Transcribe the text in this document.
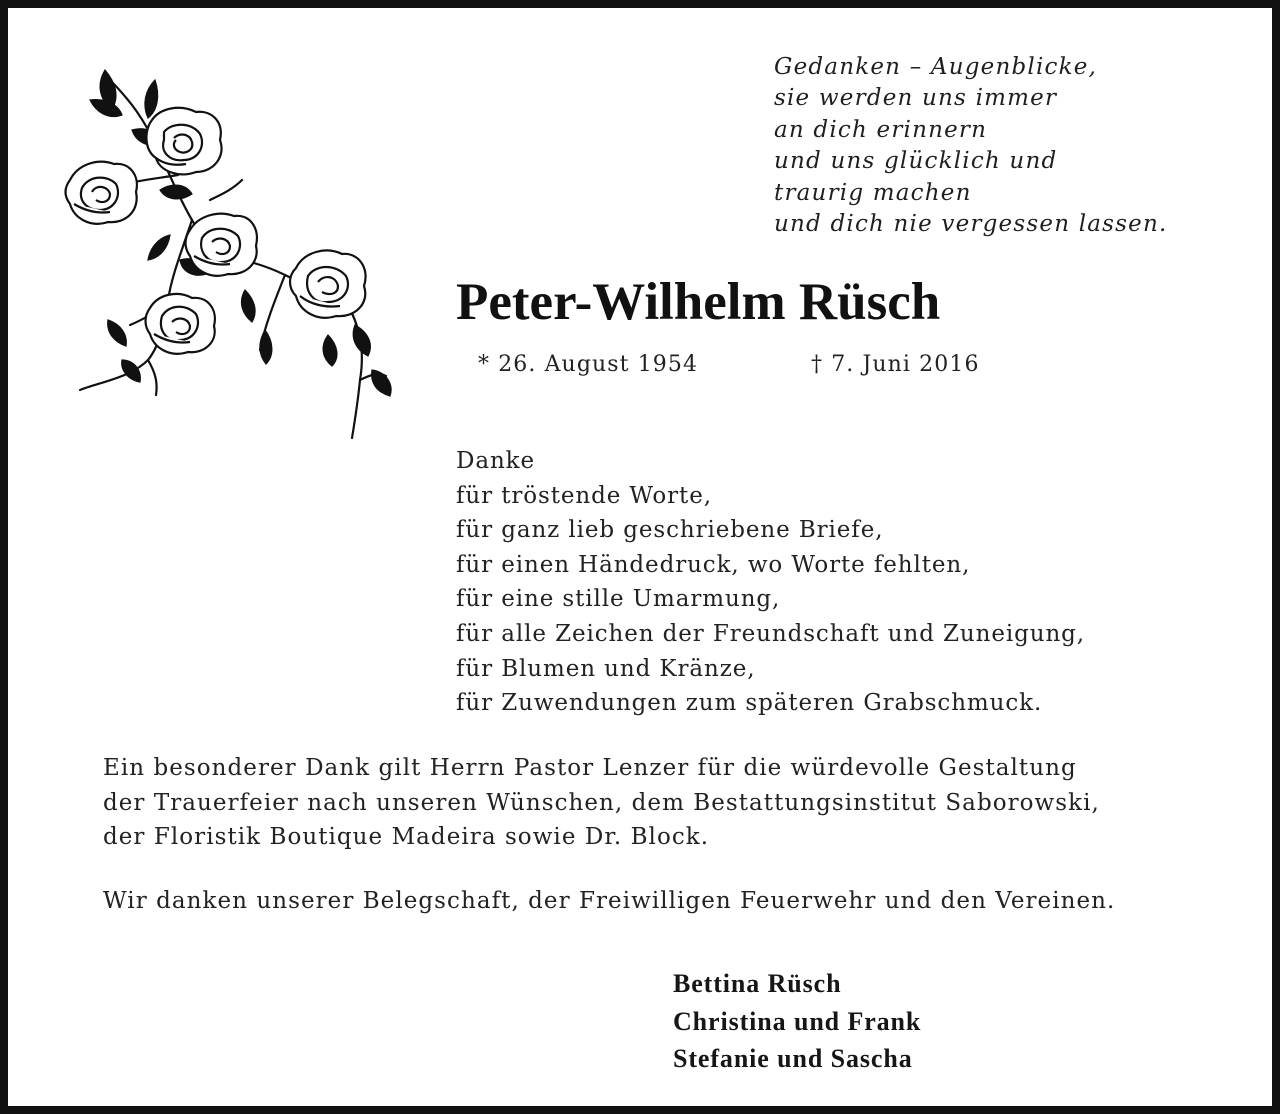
Gedanken – Augenblicke,
sie werden uns immer
an dich erinnern
und uns glücklich und
traurig machen
und dich nie vergessen lassen.
Peter-Wilhelm Rüsch
* 26. August 1954	† 7. Juni 2016
Danke
für tröstende Worte,
für ganz lieb geschriebene Briefe,
für einen Händedruck, wo Worte fehlten,
für eine stille Umarmung,
für alle Zeichen der Freundschaft und Zuneigung,
für Blumen und Kränze,
für Zuwendungen zum späteren Grabschmuck.
Ein besonderer Dank gilt Herrn Pastor Lenzer für die würdevolle Gestaltung
der Trauerfeier nach unseren Wünschen, dem Bestattungsinstitut Saborowski,
der Floristik Boutique Madeira sowie Dr. Block.
Wir danken unserer Belegschaft, der Freiwilligen Feuerwehr und den Vereinen.
Bettina Rüsch
Christina und Frank
Stefanie und Sascha
